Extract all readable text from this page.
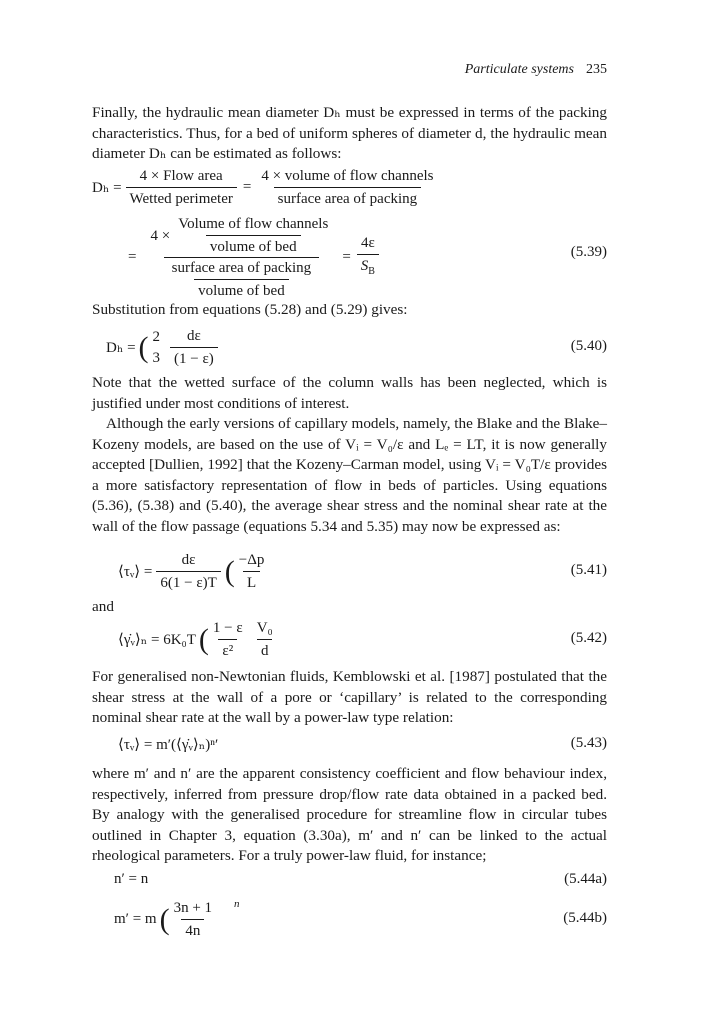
Particulate systems 235

Finally, the hydraulic mean diameter Dₕ must be expressed in terms of the packing characteristics. Thus, for a bed of uniform spheres of diameter d, the hydraulic mean diameter Dₕ can be estimated as follows:

$D_h = \frac{\text{4 × Flow area}}{\text{Wetted perimeter}} = \frac{\text{4 × volume of flow channels}}{\text{surface area of packing}}$
=
$4 \times \frac{\text{Volume of flow channels}}{\text{volume of bed}}$
$\frac{\text{surface area of packing}}{\text{volume of bed}}$
= $\frac{4\varepsilon}{S_B}$	(5.39)

Substitution from equations (5.28) and (5.29) gives:

Dₕ = ( 2
$3 \frac{d\varepsilon}{(1 - \varepsilon)}$	(5.40)

Note that the wetted surface of the column walls has been neglected, which is justified under most conditions of interest.

Although the early versions of capillary models, namely, the Blake and the Blake–Kozeny models, are based on the use of Vᵢ = V₀/ε and Lₑ = LT, it is now generally accepted [Dullien, 1992] that the Kozeny–Carman model, using Vᵢ = V₀T/ε provides a more satisfactory representation of flow in beds of particles. Using equations (5.36), (5.38) and (5.40), the average shear stress and the nominal shear rate at the wall of the flow passage (equations 5.34 and 5.35) may now be expressed as:

⟨τᵥ⟩ = $\frac{d\varepsilon}{6(1 - \varepsilon)T}$ ( $\frac{-\Delta p}{L}$	(5.41)

and

⟨γ̇ᵥ⟩ₙ = 6K₀T ( $\frac{1 - \varepsilon}{\text{ε²}} \frac{\text{V₀}}{d}$	(5.42)

For generalised non-Newtonian fluids, Kemblowski et al. [1987] postulated that the shear stress at the wall of a pore or ‘capillary’ is related to the corresponding nominal shear rate at the wall by a power-law type relation:

⟨τᵥ⟩ = m′(⟨γ̇ᵥ⟩ₙ)ⁿ′	(5.43)

where m′ and n′ are the apparent consistency coefficient and flow behaviour index, respectively, inferred from pressure drop/flow rate data obtained in a packed bed. By analogy with the generalised procedure for streamline flow in circular tubes outlined in Chapter 3, equation (3.30a), m′ and n′ can be linked to the actual rheological parameters. For a truly power-law fluid, for instance;

n′ = n	(5.44a)
m′ = m ( $\frac{3n + 1}{4n} ^n$
(5.44b)
